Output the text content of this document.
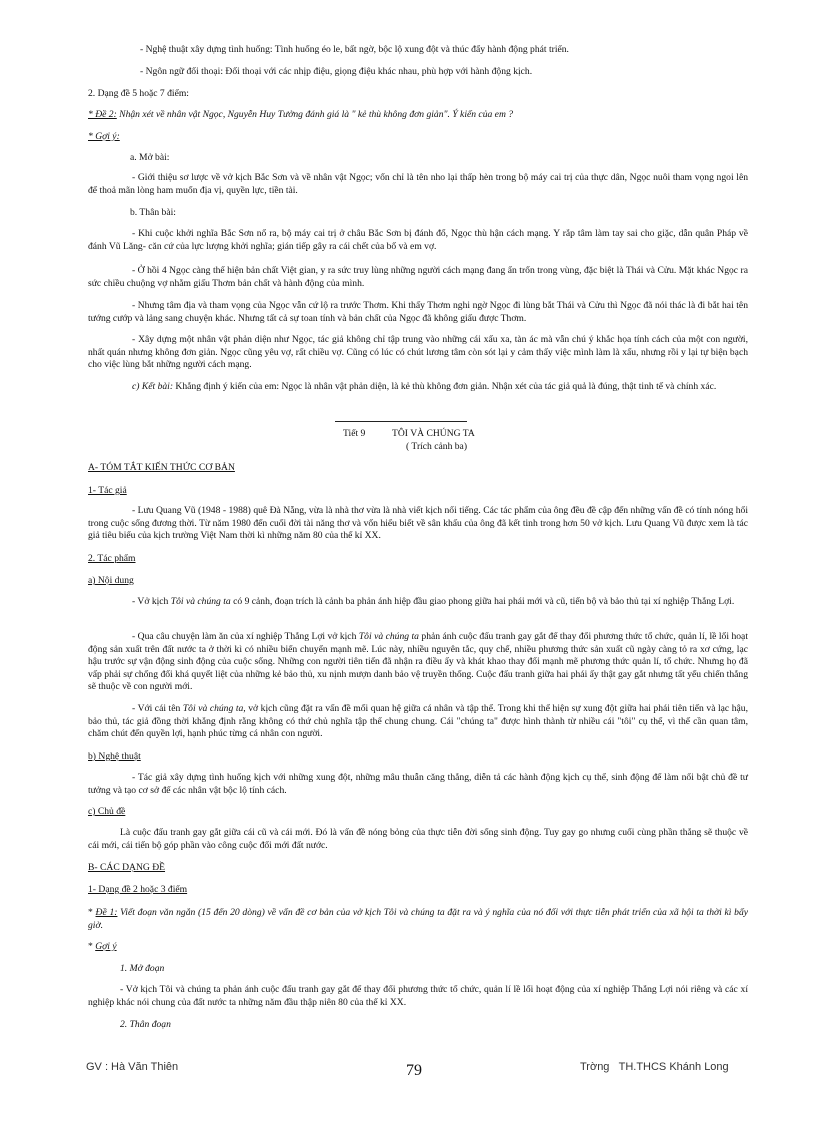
- Nghệ thuật xây dựng tình huống: Tình huống éo le, bất ngờ, bộc lộ xung đột và thúc đẩy hành động phát triển.
- Ngôn ngữ đối thoại: Đối thoại với các nhịp điệu, giọng điệu khác nhau, phù hợp với hành động kịch.
2. Dạng đề 5 hoặc 7 điểm:
* Đề 2: Nhận xét về nhân vật Ngọc, Nguyễn Huy Tưởng đánh giá là " kẻ thù không đơn giản". Ý kiến của em ?
* Gợi ý:
a. Mở bài:
- Giới thiệu sơ lược về vở kịch Bắc Sơn và về nhân vật Ngọc; vốn chỉ là tên nho lại thấp hèn trong bộ máy cai trị của thực dân, Ngọc nuôi tham vọng ngoi lên để thoả mãn lòng ham muốn địa vị, quyền lực, tiền tài.
b. Thân bài:
- Khi cuộc khởi nghĩa Bắc Sơn nổ ra, bộ máy cai trị ở châu Bắc Sơn bị đánh đổ, Ngọc thù hận cách mạng. Y rắp tâm làm tay sai cho giặc, dẫn quân Pháp về đánh Vũ Lăng- căn cứ của lực lượng khởi nghĩa; gián tiếp gây ra cái chết của bố và em vợ.
- Ở hồi 4 Ngọc càng thể hiện bản chất Việt gian, y ra sức truy lùng những người cách mạng đang ẩn trốn trong vùng, đặc biệt là Thái và Cửu. Mặt khác Ngọc ra sức chiều chuộng vợ nhằm giấu Thơm bản chất và hành động của mình.
- Nhưng tâm địa và tham vọng của Ngọc vẫn cứ lộ ra trước Thơm. Khi thấy Thơm nghi ngờ Ngọc đi lùng bắt Thái và Cửu thì Ngọc đã nói thác là đi bắt hai tên tướng cướp và lảng sang chuyện khác. Nhưng tất cả sự toan tính và bản chất của Ngọc đã không giấu được Thơm.
- Xây dựng một nhân vật phản diện như Ngọc, tác giả không chỉ tập trung vào những cái xấu xa, tàn ác mà vẫn chú ý khắc họa tính cách của một con người, nhất quán nhưng không đơn giản. Ngọc cũng yêu vợ, rất chiều vợ. Cũng có lúc có chút lương tâm còn sót lại y cảm thấy việc mình làm là xấu, nhưng rồi y lại tự biện bạch cho việc lùng bắt những người cách mạng.
c) Kết bài: Khẳng định ý kiến của em: Ngọc là nhân vật phản diện, là kẻ thù không đơn giản. Nhận xét của tác giả quả là đúng, thật tinh tế và chính xác.
Tiết 9	TÔI VÀ CHÚNG TA
( Trích cảnh ba)
A- TÓM TẮT KIẾN THỨC CƠ BẢN
1- Tác giả
- Lưu Quang Vũ (1948 - 1988) quê Đà Nẵng, vừa là nhà thơ vừa là nhà viết kịch nổi tiếng. Các tác phẩm của ông đều đề cập đến những vấn đề có tính nóng hổi trong cuộc sống đương thời. Từ năm 1980 đến cuối đời tài năng thơ và vốn hiểu biết về sân khấu của ông đã kết tinh trong hơn 50 vở kịch. Lưu Quang Vũ được xem là tác giả tiêu biểu của kịch trường Việt Nam thời kì những năm 80 của thế kỉ XX.
2. Tác phẩm
a) Nội dung
- Vở kịch Tôi và chúng ta có 9 cảnh, đoạn trích là cảnh ba phản ánh hiệp đầu giao phong giữa hai phái mới và cũ, tiến bộ và bảo thủ tại xí nghiệp Thắng Lợi.
- Qua câu chuyện làm ăn của xí nghiệp Thắng Lợi vở kịch Tôi và chúng ta phản ánh cuộc đấu tranh gay gắt để thay đổi phương thức tổ chức, quản lí, lề lối hoạt động sản xuất trên đất nước ta ở thời kì có nhiều biến chuyển mạnh mẽ. Lúc này, nhiều nguyên tắc, quy chế, nhiều phương thức sản xuất cũ ngày càng tỏ ra xơ cứng, lạc hậu trước sự vận động sinh động của cuộc sống. Những con người tiên tiến đã nhận ra điều ấy và khát khao thay đổi mạnh mẽ phương thức quản lí, tổ chức. Nhưng họ đã vấp phải sự chống đối khá quyết liệt của những kẻ bảo thủ, xu nịnh mượn danh bảo vệ truyền thống. Cuộc đấu tranh giữa hai phái ấy thật gay gắt nhưng tất yếu chiến thắng sẽ thuộc về con người mới.
- Với cái tên Tôi và chúng ta, vở kịch cũng đặt ra vấn đề mối quan hệ giữa cá nhân và tập thể. Trong khi thể hiện sự xung đột giữa hai phái tiên tiến và lạc hậu, bảo thủ, tác giả đồng thời khẳng định rằng không có thứ chủ nghĩa tập thể chung chung. Cái "chúng ta" được hình thành từ nhiều cái "tôi" cụ thể, vì thế cần quan tâm, chăm chút đến quyền lợi, hạnh phúc từng cá nhân con người.
b) Nghệ thuật
- Tác giả xây dựng tình huống kịch với những xung đột, những mâu thuẫn căng thẳng, diễn tả các hành động kịch cụ thể, sinh động để làm nổi bật chủ đề tư tưởng và tạo cơ sở để các nhân vật bộc lộ tính cách.
c) Chủ đề
Là cuộc đấu tranh gay gắt giữa cái cũ và cái mới. Đó là vấn đề nóng bỏng của thực tiễn đời sống sinh động. Tuy gay go nhưng cuối cùng phần thắng sẽ thuộc về cái mới, cái tiến bộ góp phần vào công cuộc đổi mới đất nước.
B- CÁC DẠNG ĐỀ
1- Dạng đề 2 hoặc 3 điểm
* Đề 1: Viết đoạn văn ngắn (15 đến 20 dòng) về vấn đề cơ bản của vở kịch Tôi và chúng ta đặt ra và ý nghĩa của nó đối với thực tiễn phát triển của xã hội ta thời kì bấy giờ.
* Gợi ý
1. Mở đoạn
- Vở kịch Tôi và chúng ta phản ánh cuộc đấu tranh gay gắt để thay đổi phương thức tổ chức, quản lí lề lối hoạt động của xí nghiệp Thắng Lợi nói riêng và các xí nghiệp khác nói chung của đất nước ta những năm đầu thập niên 80 của thế kỉ XX.
2. Thân đoạn
GV : Hà Văn Thiên	79	Trờng TH.THCS Khánh Long
